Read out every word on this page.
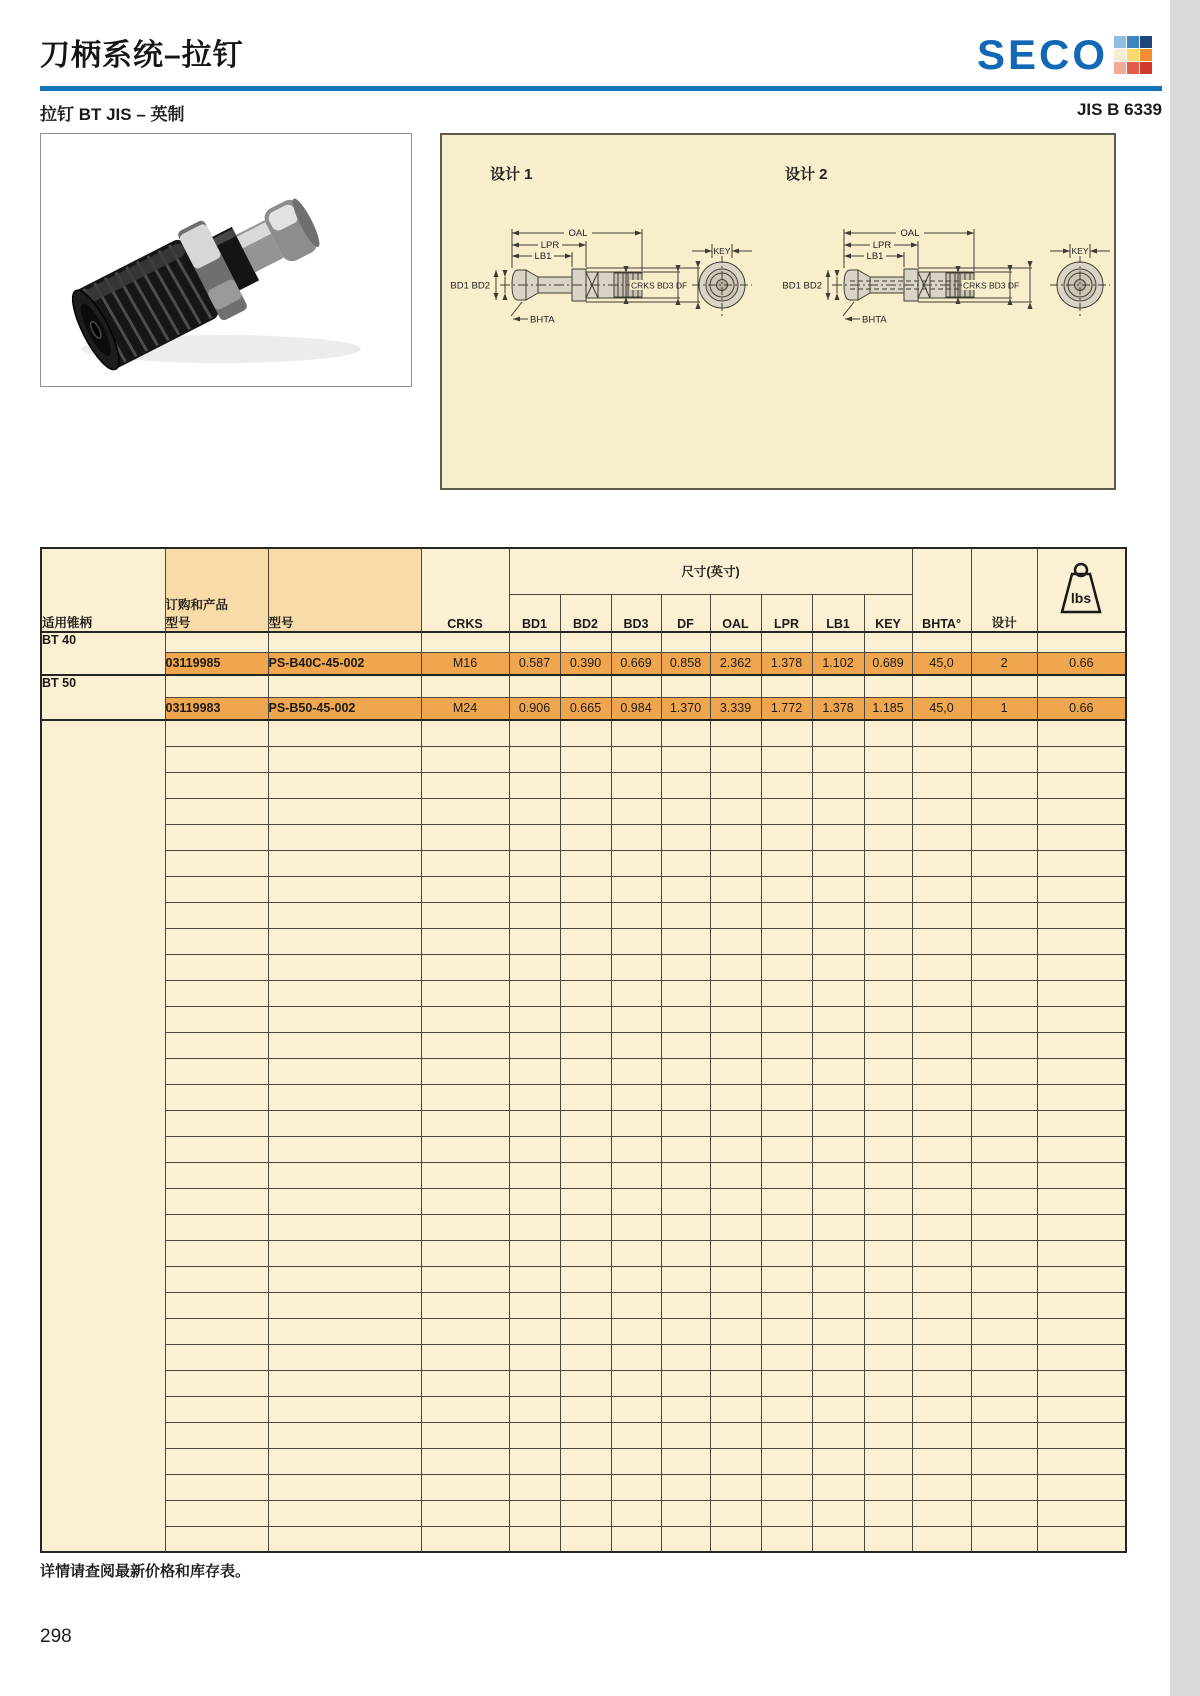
刀柄系统–拉钉	SECO
拉钉 BT JIS – 英制	JIS B 6339
设计 1	设计 2
OAL
LPR
LB1
BD1 BD2	CRKS BD3 DF
BHTA
KEY
OAL
LPR
LB1
BD1 BD2	CRKS BD3 DF
BHTA
KEY
适用锥柄	订购和产品
型号	型号	CRKS	尺寸(英寸)								BHTA°	设计	lbs

				BD1	BD2	BD3	DF	OAL	LPR	LB1	KEY			
BT 40														
	03119985	PS-B40C-45-002	M16	0.587	0.390	0.669	0.858	2.362	1.378	1.102	0.689	45,0	2	0.66
BT 50														
	03119983	PS-B50-45-002	M24	0.906	0.665	0.984	1.370	3.339	1.772	1.378	1.185	45,0	1	0.66

详情请查阅最新价格和库存表。
298
